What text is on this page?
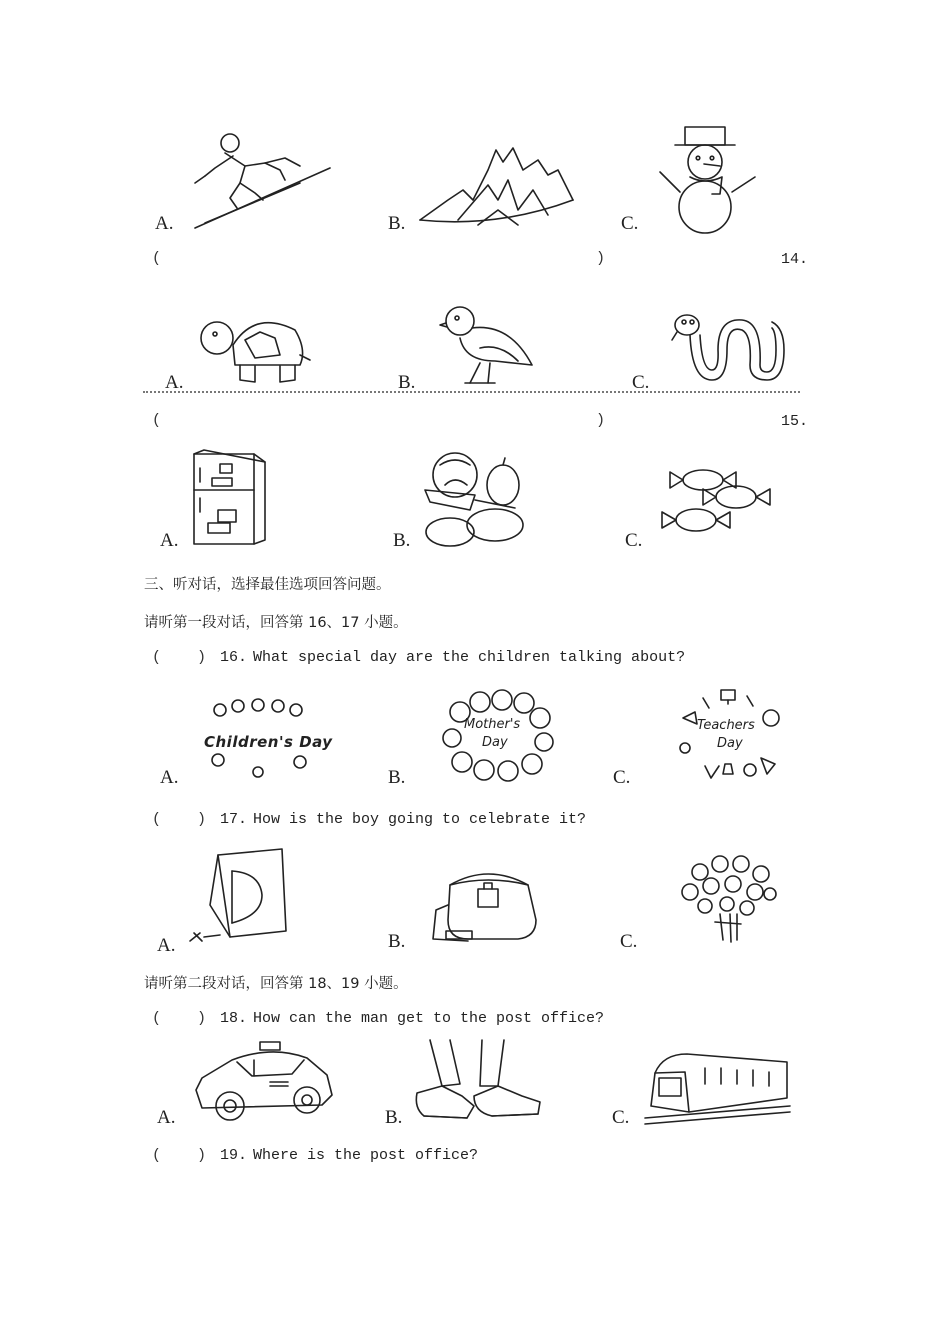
A.	B.	C.
(	)	14.
A.	B.	C.
(	)	15.
A.	B.	C.
三、听对话，选择最佳选项回答问题。
请听第一段对话，回答第 16、17 小题。
(    ) 16. What special day are the children talking about?
Children's Day
A.
Mother's
Day
B.
Teachers
Day
C.
(    ) 17. How is the boy going to celebrate it?
A.	B.	C.
请听第二段对话，回答第 18、19 小题。
(    ) 18. How can the man get to the post office?
A.	B.	C.
(    ) 19. Where is the post office?
